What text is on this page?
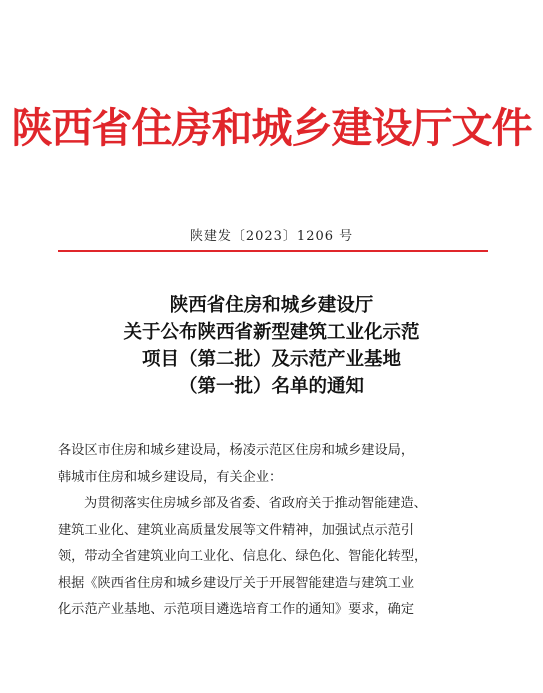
陕西省住房和城乡建设厅文件
陕建发〔2023〕1206 号
陕西省住房和城乡建设厅
关于公布陕西省新型建筑工业化示范
项目（第二批）及示范产业基地
（第一批）名单的通知

各设区市住房和城乡建设局，杨凌示范区住房和城乡建设局，

韩城市住房和城乡建设局，有关企业：

为贯彻落实住房城乡部及省委、省政府关于推动智能建造、

建筑工业化、建筑业高质量发展等文件精神，加强试点示范引

领，带动全省建筑业向工业化、信息化、绿色化、智能化转型，

根据《陕西省住房和城乡建设厅关于开展智能建造与建筑工业

化示范产业基地、示范项目遴选培育工作的通知》要求，确定
